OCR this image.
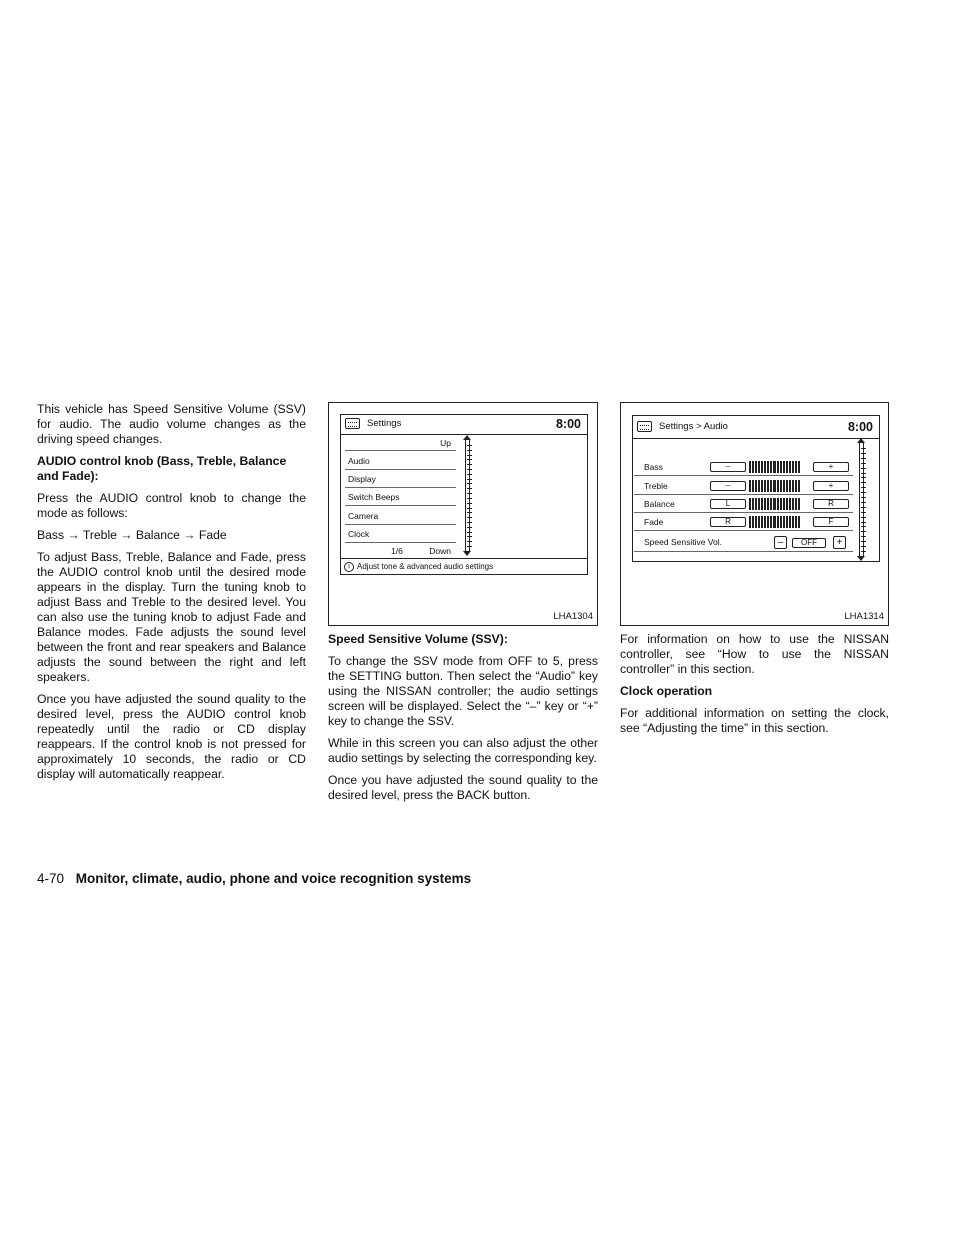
This vehicle has Speed Sensitive Volume (SSV) for audio. The audio volume changes as the driving speed changes.

AUDIO control knob (Bass, Treble, Balance and Fade):

Press the AUDIO control knob to change the mode as follows:

Bass → Treble → Balance → Fade

To adjust Bass, Treble, Balance and Fade, press the AUDIO control knob until the desired mode appears in the display. Turn the tuning knob to adjust Bass and Treble to the desired level. You can also use the tuning knob to adjust Fade and Balance modes. Fade adjusts the sound level between the front and rear speakers and Balance adjusts the sound between the right and left speakers.

Once you have adjusted the sound quality to the desired level, press the AUDIO control knob repeatedly until the radio or CD display reappears. If the control knob is not pressed for approximately 10 seconds, the radio or CD display will automatically reappear.

Settings	8:00
Up
Audio
Display
Switch Beeps
Camera
Clock
1/6	Down
i Adjust tone & advanced audio settings
LHA1304
Speed Sensitive Volume (SSV):

To change the SSV mode from OFF to 5, press the SETTING button. Then select the “Audio” key using the NISSAN controller; the audio settings screen will be displayed. Select the “–” key or “+” key to change the SSV.

While in this screen you can also adjust the other audio settings by selecting the corresponding key.

Once you have adjusted the sound quality to the desired level, press the BACK button.

Settings > Audio	8:00
Bass	–	+
Treble	–	+
Balance	L	R
Fade	R	F
Speed Sensitive Vol.	–	OFF	+
LHA1314

For information on how to use the NISSAN controller, see “How to use the NISSAN controller” in this section.

Clock operation

For additional information on setting the clock, see “Adjusting the time” in this section.

4-70 Monitor, climate, audio, phone and voice recognition systems
